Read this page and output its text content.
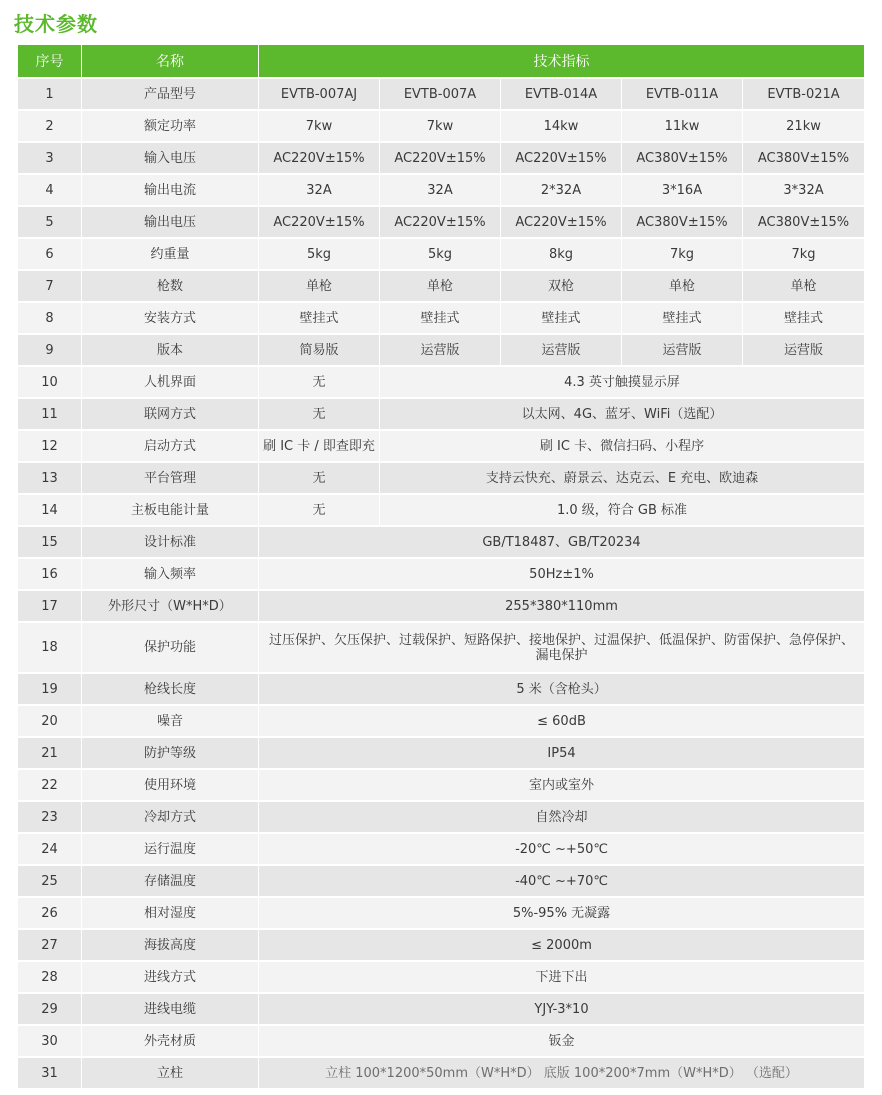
技术参数
序号	名称	技术指标				
1	产品型号	EVTB-007AJ	EVTB-007A	EVTB-014A	EVTB-011A	EVTB-021A
2	额定功率	7kw	7kw	14kw	11kw	21kw
3	输入电压	AC220V±15%	AC220V±15%	AC220V±15%	AC380V±15%	AC380V±15%
4	输出电流	32A	32A	2*32A	3*16A	3*32A
5	输出电压	AC220V±15%	AC220V±15%	AC220V±15%	AC380V±15%	AC380V±15%
6	约重量	5kg	5kg	8kg	7kg	7kg
7	枪数	单枪	单枪	双枪	单枪	单枪
8	安装方式	壁挂式	壁挂式	壁挂式	壁挂式	壁挂式
9	版本	简易版	运营版	运营版	运营版	运营版
10	人机界面	无	4.3 英寸触摸显示屏			
11	联网方式	无	以太网、4G、蓝牙、WiFi（选配）			
12	启动方式	刷 IC 卡 / 即查即充	刷 IC 卡、微信扫码、小程序			
13	平台管理	无	支持云快充、蔚景云、达克云、E 充电、欧迪森			
14	主板电能计量	无	1.0 级，符合 GB 标准			
15	设计标准	GB/T18487、GB/T20234				
16	输入频率	50Hz±1%				
17	外形尺寸（W*H*D）	255*380*110mm				
18	保护功能	过压保护、欠压保护、过载保护、短路保护、接地保护、过温保护、低温保护、防雷保护、急停保护、漏电保护				
19	枪线长度	5 米（含枪头）				
20	噪音	≤ 60dB				
21	防护等级	IP54				
22	使用环境	室内或室外				
23	冷却方式	自然冷却				
24	运行温度	-20℃ ~+50℃				
25	存储温度	-40℃ ~+70℃				
26	相对湿度	5%-95% 无凝露				
27	海拔高度	≤ 2000m				
28	进线方式	下进下出				
29	进线电缆	YJY-3*10				
30	外壳材质	钣金				
31	立柱	立柱 100*1200*50mm（W*H*D） 底版 100*200*7mm（W*H*D） （选配）				
